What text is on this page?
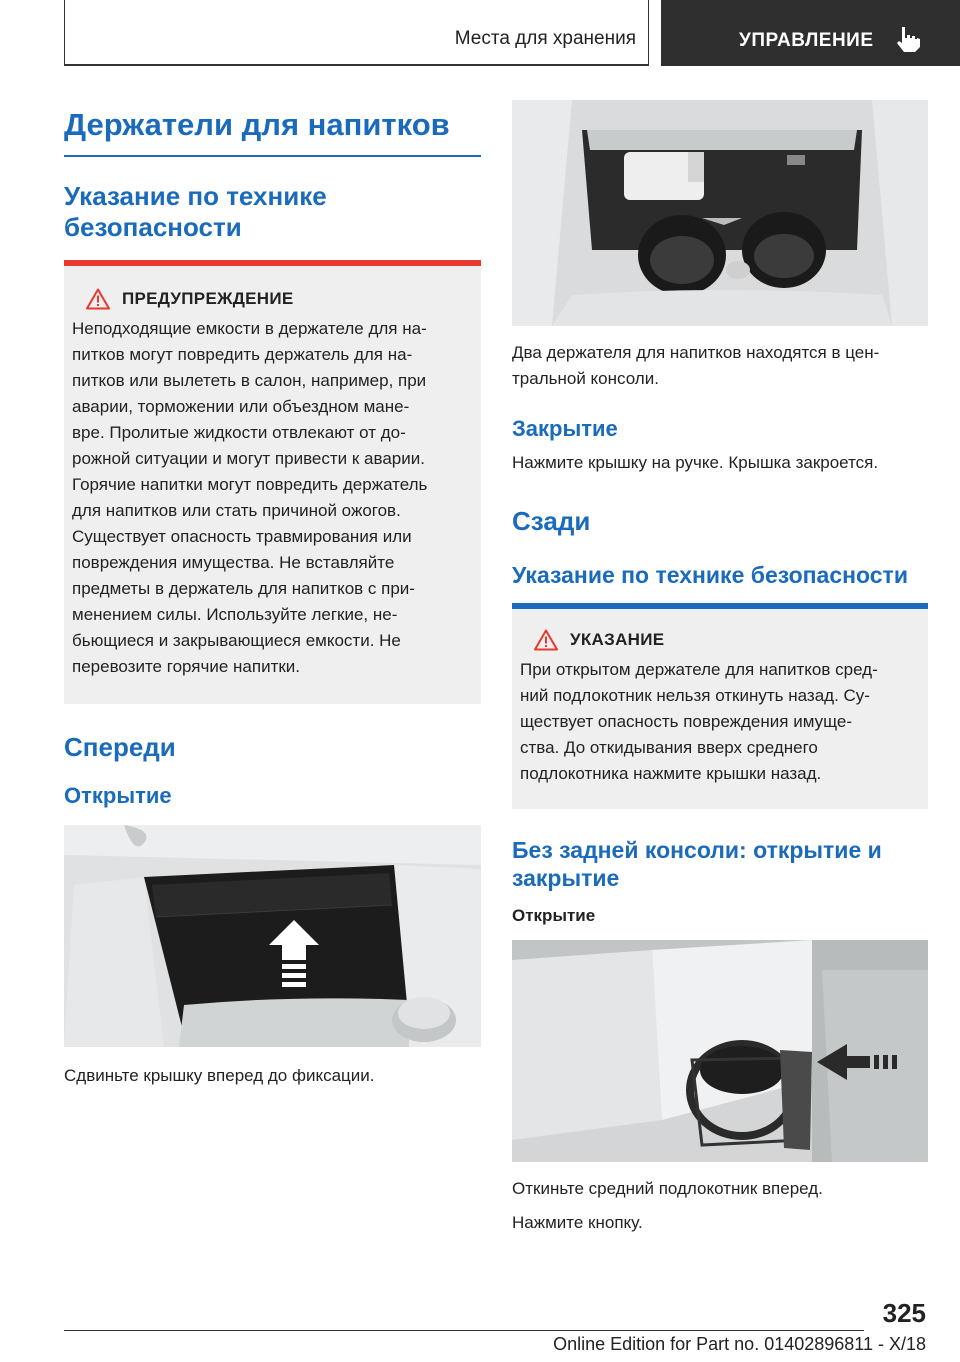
Места для хранения	УПРАВЛЕНИЕ
Держатели для напитков
Указание по технике безопасности
ПРЕДУПРЕЖДЕНИЕ
Неподходящие емкости в держателе для на-
питков могут повредить держатель для на-
питков или вылететь в салон, например, при
аварии, торможении или объездном мане-
вре. Пролитые жидкости отвлекают от до-
рожной ситуации и могут привести к аварии.
Горячие напитки могут повредить держатель
для напитков или стать причиной ожогов.
Существует опасность травмирования или
повреждения имущества. Не вставляйте
предметы в держатель для напитков с при-
менением силы. Используйте легкие, не-
бьющиеся и закрывающиеся емкости. Не
перевозите горячие напитки.
Спереди
Открытие
Сдвиньте крышку вперед до фиксации.
Два держателя для напитков находятся в цен-
тральной консоли.
Закрытие
Нажмите крышку на ручке. Крышка закроется.
Сзади
Указание по технике безопасности
УКАЗАНИЕ
При открытом держателе для напитков сред-
ний подлокотник нельзя откинуть назад. Су-
ществует опасность повреждения имуще-
ства. До откидывания вверх среднего
подлокотника нажмите крышки назад.
Без задней консоли: открытие и закрытие
Открытие
Откиньте средний подлокотник вперед.
Нажмите кнопку.
325
Online Edition for Part no. 01402896811 - X/18
